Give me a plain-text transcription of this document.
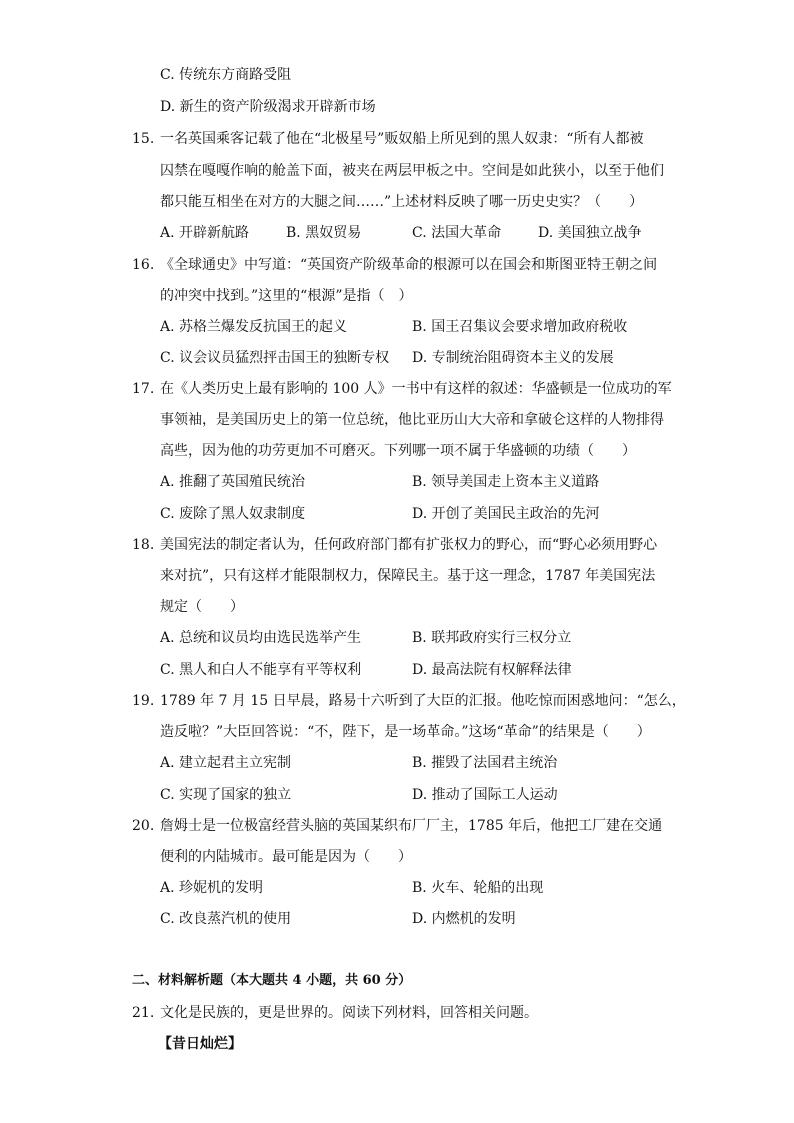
C. 传统东方商路受阻
D. 新生的资产阶级渴求开辟新市场
15. 一名英国乘客记载了他在“北极星号”贩奴船上所见到的黑人奴隶：“所有人都被
囚禁在嘎嘎作响的舱盖下面，被夹在两层甲板之中。空间是如此狭小，以至于他们
都只能互相坐在对方的大腿之间……”上述材料反映了哪一历史史实？（　　）
A. 开辟新航路	B. 黑奴贸易	C. 法国大革命	D. 美国独立战争
16. 《全球通史》中写道：“英国资产阶级革命的根源可以在国会和斯图亚特王朝之间
的冲突中找到。”这里的“根源”是指（　）
A. 苏格兰爆发反抗国王的起义	B. 国王召集议会要求增加政府税收
C. 议会议员猛烈抨击国王的独断专权 D. 专制统治阻碍资本主义的发展
17. 在《人类历史上最有影响的 100 人》一书中有这样的叙述：华盛顿是一位成功的军
事领袖，是美国历史上的第一位总统，他比亚历山大大帝和拿破仑这样的人物排得
高些，因为他的功劳更加不可磨灭。下列哪一项不属于华盛顿的功绩（　　）
A. 推翻了英国殖民统治	B. 领导美国走上资本主义道路
C. 废除了黑人奴隶制度	D. 开创了美国民主政治的先河
18. 美国宪法的制定者认为，任何政府部门都有扩张权力的野心，而“野心必须用野心
来对抗”，只有这样才能限制权力，保障民主。基于这一理念，1787 年美国宪法
规定（　　）
A. 总统和议员均由选民选举产生	B. 联邦政府实行三权分立
C. 黑人和白人不能享有平等权利	D. 最高法院有权解释法律
19. 1789 年 7 月 15 日早晨，路易十六听到了大臣的汇报。他吃惊而困惑地问：“怎么，
造反啦？”大臣回答说：“不，陛下，是一场革命。”这场“革命”的结果是（　　）
A. 建立起君主立宪制	B. 摧毁了法国君主统治
C. 实现了国家的独立	D. 推动了国际工人运动
20. 詹姆士是一位极富经营头脑的英国某织布厂厂主，1785 年后，他把工厂建在交通
便利的内陆城市。最可能是因为（　　）
A. 珍妮机的发明	B. 火车、轮船的出现
C. 改良蒸汽机的使用	D. 内燃机的发明
二、材料解析题（本大题共 4 小题，共 60 分）
21. 文化是民族的，更是世界的。阅读下列材料，回答相关问题。
【昔日灿烂】
